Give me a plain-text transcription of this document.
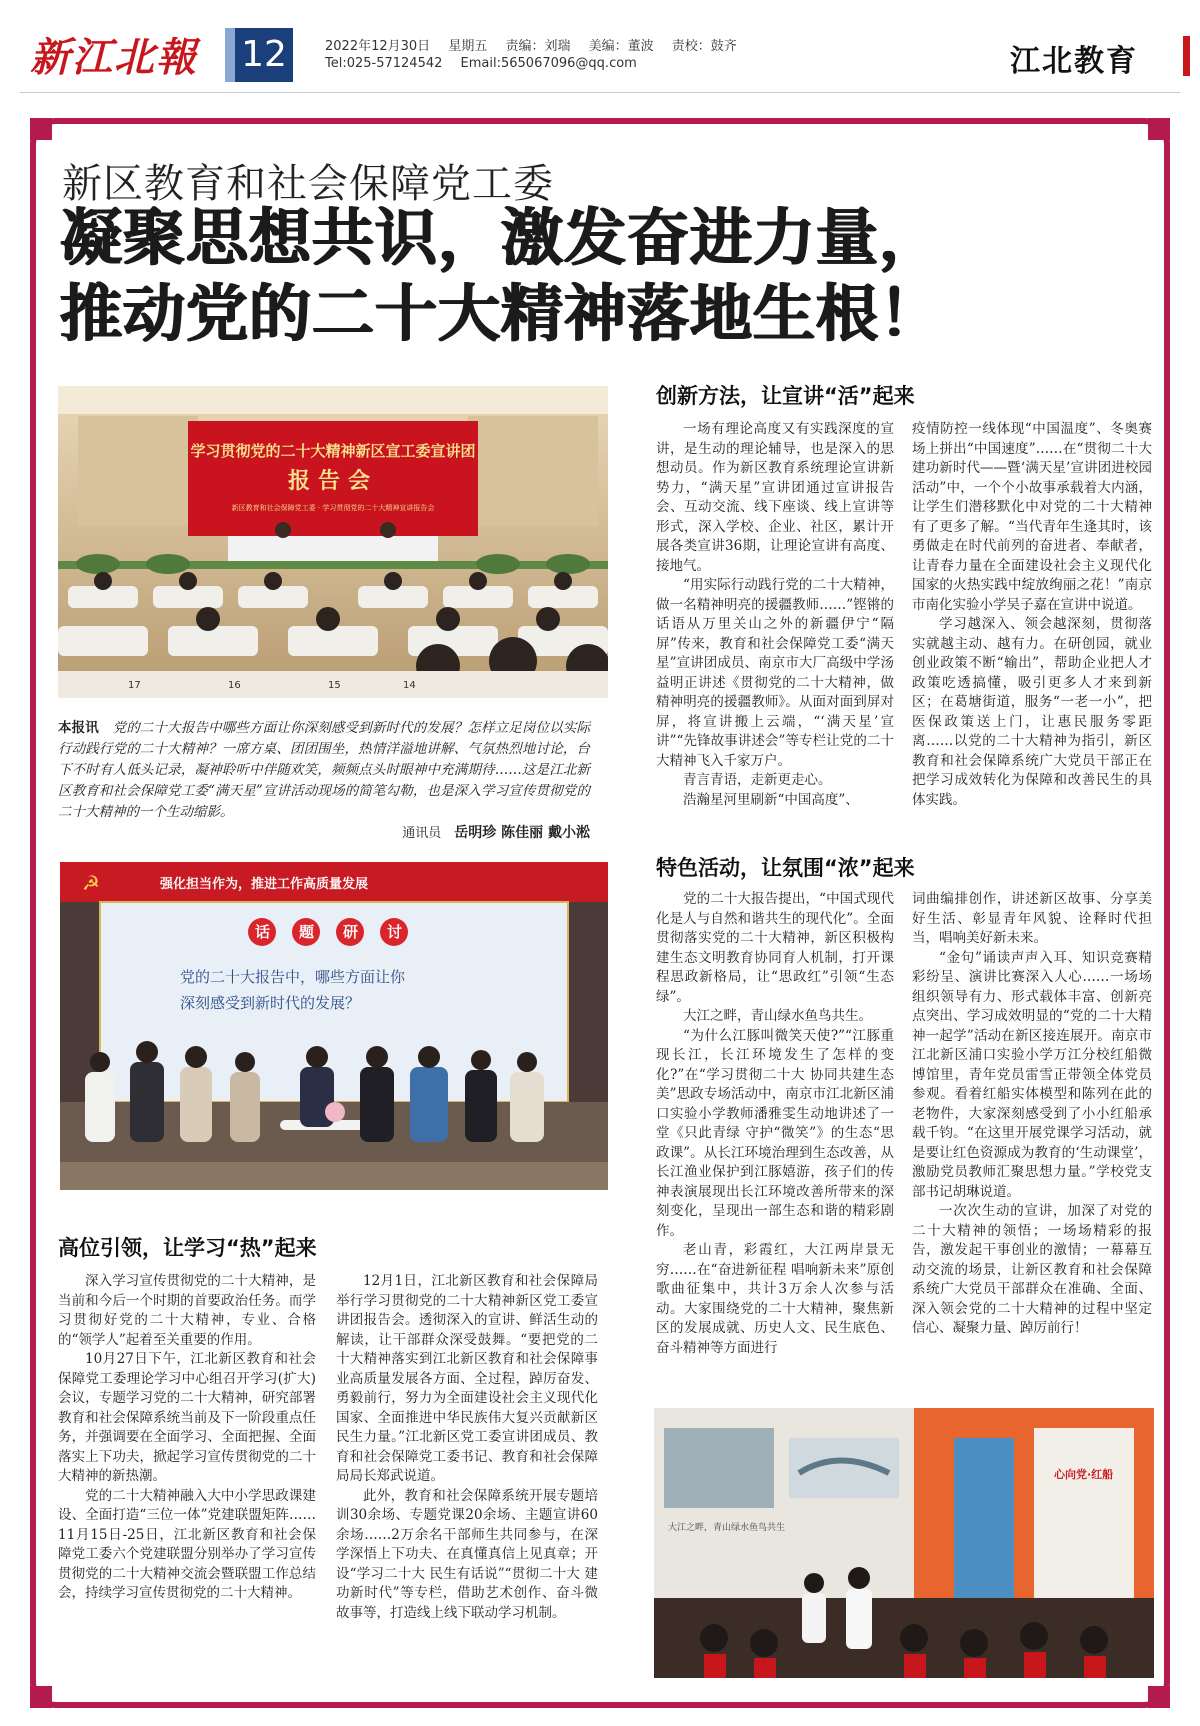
新江北報 12	2022年12月30日 星期五 责编：刘瑞 美编：董波 责校：鼓齐
Tel:025-57124542 Email:565067096@qq.com	江北教育
新区教育和社会保障党工委
凝聚思想共识，激发奋进力量，
推动党的二十大精神落地生根！
学习贯彻党的二十大精神新区宣工委宣讲团
报告会
新区教育和社会保障党工委 · 学习贯彻党的二十大精神宣讲报告会
17	16	15	14
本报讯　 党的二十大报告中哪些方面让你深刻感受到新时代的发展？怎样立足岗位以实际行动践行党的二十大精神？一席方桌、团团围坐，热情洋溢地讲解、气氛热烈地讨论，台下不时有人低头记录，凝神聆听中伴随欢笑，频频点头时眼神中充满期待……这是江北新区教育和社会保障党工委“满天星”宣讲活动现场的简笔勾勒，也是深入学习宣传贯彻党的二十大精神的一个生动缩影。
通讯员　 岳明珍 陈佳丽 戴小淞
☭	强化担当作为，推进工作高质量发展
话 题 研 讨
党的二十大报告中，哪些方面让你
深刻感受到新时代的发展？
高位引领，让学习“热”起来

深入学习宣传贯彻党的二十大精神，是当前和今后一个时期的首要政治任务。而学习贯彻好党的二十大精神，专业、合格的“领学人”起着至关重要的作用。

10月27日下午，江北新区教育和社会保障党工委理论学习中心组召开学习(扩大)会议，专题学习党的二十大精神，研究部署教育和社会保障系统当前及下一阶段重点任务，并强调要在全面学习、全面把握、全面落实上下功夫，掀起学习宣传贯彻党的二十大精神的新热潮。

党的二十大精神融入大中小学思政课建设、全面打造“三位一体”党建联盟矩阵……11月15日-25日，江北新区教育和社会保障党工委六个党建联盟分别举办了学习宣传贯彻党的二十大精神交流会暨联盟工作总结会，持续学习宣传贯彻党的二十大精神。

12月1日，江北新区教育和社会保障局举行学习贯彻党的二十大精神新区党工委宣讲团报告会。透彻深入的宣讲、鲜活生动的解读，让干部群众深受鼓舞。“要把党的二十大精神落实到江北新区教育和社会保障事业高质量发展各方面、全过程，踔厉奋发、勇毅前行，努力为全面建设社会主义现代化国家、全面推进中华民族伟大复兴贡献新区民生力量。”江北新区党工委宣讲团成员、教育和社会保障党工委书记、教育和社会保障局局长郑武说道。

此外，教育和社会保障系统开展专题培训30余场、专题党课20余场、主题宣讲60余场……2万余名干部师生共同参与，在深学深悟上下功夫、在真懂真信上见真章；开设“学习二十大 民生有话说”“贯彻二十大 建功新时代”等专栏，借助艺术创作、奋斗微故事等，打造线上线下联动学习机制。

创新方法，让宣讲“活”起来

一场有理论高度又有实践深度的宣讲，是生动的理论辅导，也是深入的思想动员。作为新区教育系统理论宣讲新势力，“满天星”宣讲团通过宣讲报告会、互动交流、线下座谈、线上宣讲等形式，深入学校、企业、社区，累计开展各类宣讲36期，让理论宣讲有高度、接地气。

“用实际行动践行党的二十大精神，做一名精神明亮的援疆教师……”铿锵的话语从万里关山之外的新疆伊宁“隔屏”传来，教育和社会保障党工委“满天星”宣讲团成员、南京市大厂高级中学汤益明正讲述《贯彻党的二十大精神，做精神明亮的援疆教师》。从面对面到屏对屏，将宣讲搬上云端，“‘满天星’宣讲”“先锋故事讲述会”等专栏让党的二十大精神飞入千家万户。

青言青语，走新更走心。

浩瀚星河里刷新“中国高度”、

疫情防控一线体现“中国温度”、冬奥赛场上拼出“中国速度”……在“贯彻二十大 建功新时代——暨‘满天星’宣讲团进校园活动”中，一个个小故事承载着大内涵，让学生们潜移默化中对党的二十大精神有了更多了解。“当代青年生逢其时，该勇做走在时代前列的奋进者、奉献者，让青春力量在全面建设社会主义现代化国家的火热实践中绽放绚丽之花！”南京市南化实验小学吴子嘉在宣讲中说道。

学习越深入、领会越深刻，贯彻落实就越主动、越有力。在研创园，就业创业政策不断“输出”，帮助企业把人才政策吃透搞懂，吸引更多人才来到新区；在葛塘街道，服务“一老一小”，把医保政策送上门，让惠民服务零距离……以党的二十大精神为指引，新区教育和社会保障系统广大党员干部正在把学习成效转化为保障和改善民生的具体实践。

特色活动，让氛围“浓”起来

党的二十大报告提出，“中国式现代化是人与自然和谐共生的现代化”。全面贯彻落实党的二十大精神，新区积极构建生态文明教育协同育人机制，打开课程思政新格局，让“思政红”引领“生态绿”。

大江之畔，青山绿水鱼鸟共生。

“为什么江豚叫微笑天使?”“江豚重现长江，长江环境发生了怎样的变化?”在“学习贯彻二十大 协同共建生态美”思政专场活动中，南京市江北新区浦口实验小学教师潘雅雯生动地讲述了一堂《只此青绿 守护“微笑”》的生态“思政课”。从长江环境治理到生态改善，从长江渔业保护到江豚嬉游，孩子们的传神表演展现出长江环境改善所带来的深刻变化，呈现出一部生态和谐的精彩剧作。

老山青，彩霞红，大江两岸景无穷……在“奋进新征程 唱响新未来”原创歌曲征集中，共计3万余人次参与活动。大家围绕党的二十大精神，聚焦新区的发展成就、历史人文、民生底色、奋斗精神等方面进行

词曲编排创作，讲述新区故事、分享美好生活、彰显青年风貌、诠释时代担当，唱响美好新未来。

“金句”诵读声声入耳、知识竞赛精彩纷呈、演讲比赛深入人心……一场场组织领导有力、形式载体丰富、创新亮点突出、学习成效明显的“党的二十大精神一起学”活动在新区接连展开。南京市江北新区浦口实验小学万江分校红船微博馆里，青年党员雷雪正带领全体党员参观。看着红船实体模型和陈列在此的老物件，大家深刻感受到了小小红船承载千钧。“在这里开展党课学习活动，就是要让红色资源成为教育的‘生动课堂’，激励党员教师汇聚思想力量。”学校党支部书记胡琳说道。

一次次生动的宣讲，加深了对党的二十大精神的领悟；一场场精彩的报告，激发起干事创业的激情；一幕幕互动交流的场景，让新区教育和社会保障系统广大党员干部群众在准确、全面、深入领会党的二十大精神的过程中坚定信心、凝聚力量、踔厉前行！

大江之畔，青山绿水鱼鸟共生
心向党·红船
